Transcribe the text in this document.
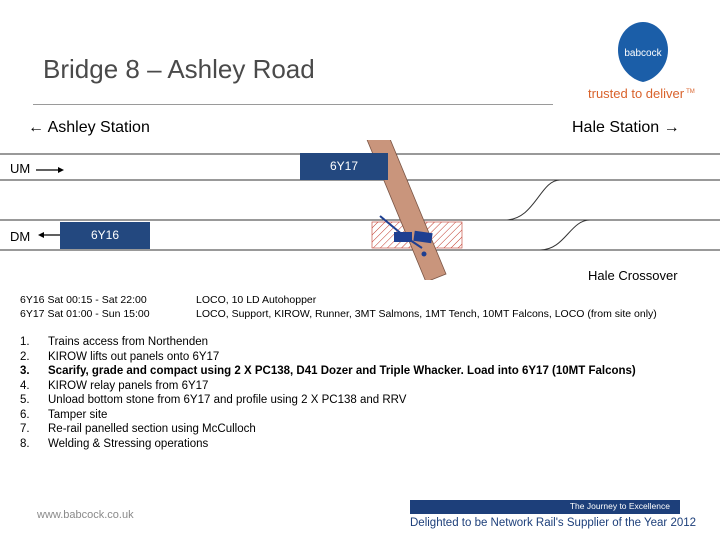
Bridge 8 – Ashley Road
babcock
trusted to deliver ™
← Ashley Station	Hale Station →
UM
DM
6Y17
6Y16
Hale Crossover
6Y16 Sat 00:15 - Sat 22:00	LOCO, 10 LD Autohopper
6Y17 Sat 01:00 - Sun 15:00	LOCO, Support, KIROW, Runner, 3MT Salmons, 1MT Tench, 10MT Falcons, LOCO (from site only)
1.	Trains access from Northenden
2.	KIROW lifts out panels onto 6Y17
3.	Scarify, grade and compact using 2 X PC138, D41 Dozer and Triple Whacker. Load into 6Y17 (10MT Falcons)
4.	KIROW relay panels from 6Y17
5.	Unload bottom stone from 6Y17 and profile using 2 X PC138 and RRV
6.	Tamper site
7.	Re-rail panelled section using McCulloch
8.	Welding & Stressing operations
www.babcock.co.uk
The Journey to Excellence
Delighted to be Network Rail's Supplier of the Year 2012
